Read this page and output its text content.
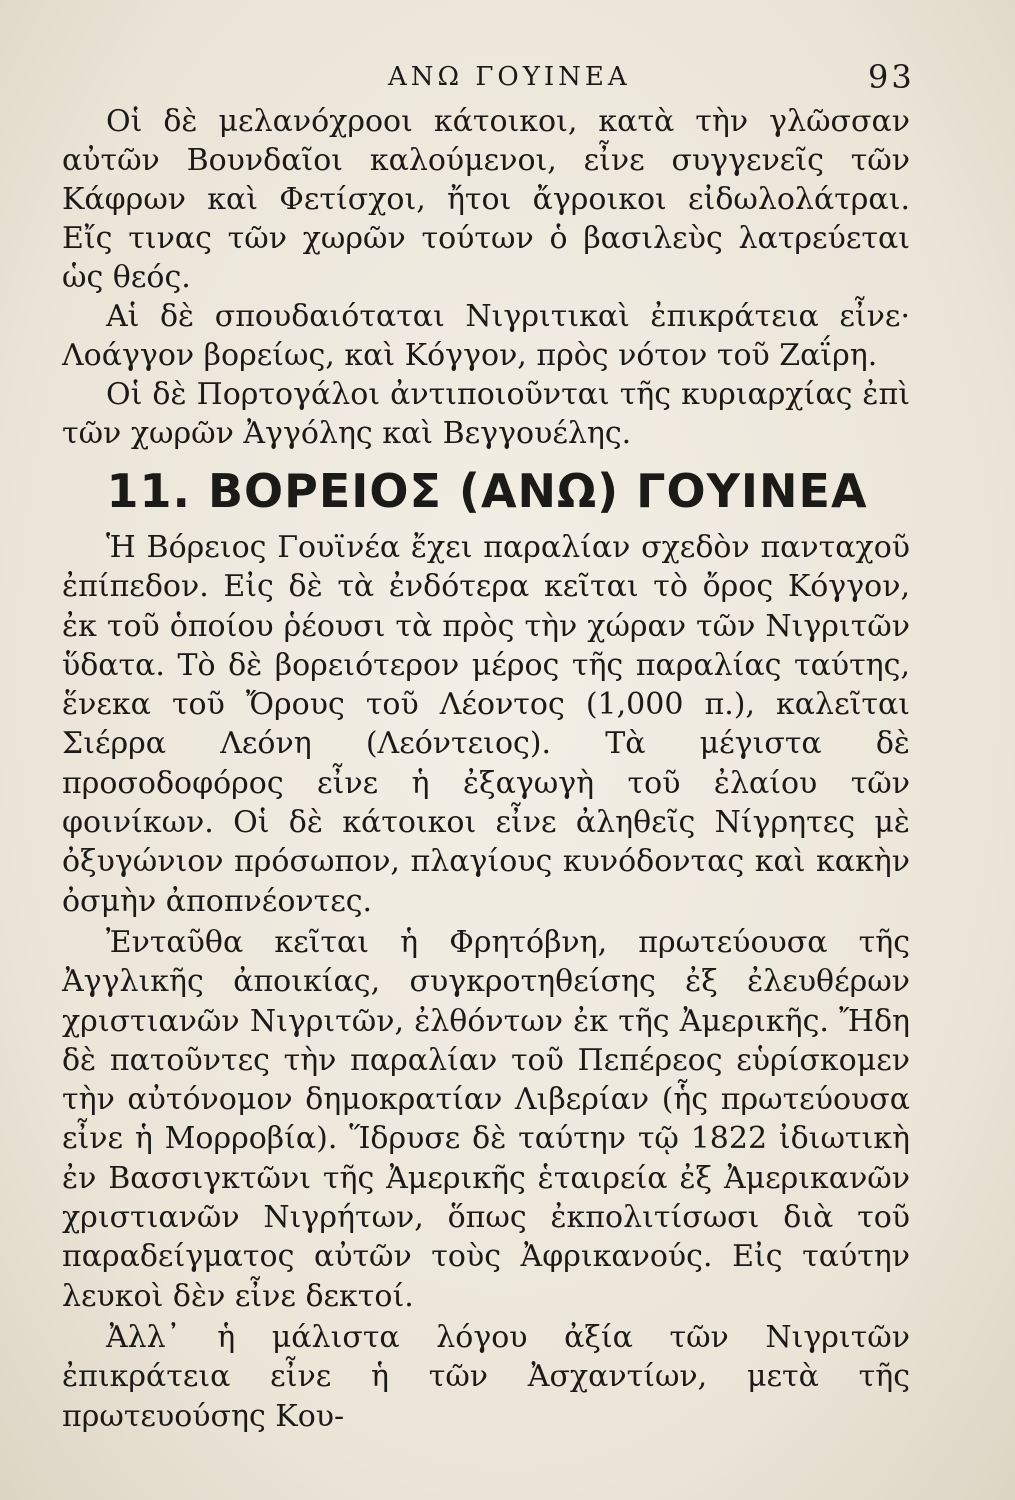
ΑΝΩ ΓΟΥΙΝΕΑ	93

Οἱ δὲ μελανόχροοι κάτοικοι, κατὰ τὴν γλῶσσαν αὐτῶν Βουνδαῖοι καλούμενοι, εἶνε συγγενεῖς τῶν Κάφρων καὶ Φετίσχοι, ἤτοι ἄγροικοι εἰδωλολάτραι. Εἴς τινας τῶν χωρῶν τούτων ὁ βασιλεὺς λατρεύεται ὡς θεός.

Αἱ δὲ σπουδαιόταται Νιγριτικαὶ ἐπικράτεια εἶνε· Λοάγγον βορείως, καὶ Κόγγον, πρὸς νότον τοῦ Ζαΐρη.

Οἱ δὲ Πορτογάλοι ἀντιποιοῦνται τῆς κυριαρχίας ἐπὶ τῶν χωρῶν Ἀγγόλης καὶ Βεγγουέλης.

11. ΒΟΡΕΙΟΣ (ΑΝΩ) ΓΟΥΙΝΕΑ

Ἡ Βόρειος Γουϊνέα ἔχει παραλίαν σχεδὸν πανταχοῦ ἐπίπεδον. Εἰς δὲ τὰ ἐνδότερα κεῖται τὸ ὄρος Κόγγον, ἐκ τοῦ ὁποίου ῥέουσι τὰ πρὸς τὴν χώραν τῶν Νιγριτῶν ὕδατα. Τὸ δὲ βορειότερον μέρος τῆς παραλίας ταύτης, ἕνεκα τοῦ Ὄρους τοῦ Λέοντος (1,000 π.), καλεῖται Σιέρρα Λεόνη (Λεόντειος). Τὰ μέγιστα δὲ προσοδοφόρος εἶνε ἡ ἐξαγωγὴ τοῦ ἐλαίου τῶν φοινίκων. Οἱ δὲ κάτοικοι εἶνε ἀληθεῖς Νίγρητες μὲ ὀξυγώνιον πρόσωπον, πλαγίους κυνόδοντας καὶ κακὴν ὀσμὴν ἀποπνέοντες.

Ἐνταῦθα κεῖται ἡ Φρητόβνη, πρωτεύουσα τῆς Ἀγγλικῆς ἀποικίας, συγκροτηθείσης ἐξ ἐλευθέρων χριστιανῶν Νιγριτῶν, ἐλθόντων ἐκ τῆς Ἀμερικῆς. Ἤδη δὲ πατοῦντες τὴν παραλίαν τοῦ Πεπέρεος εὑρίσκομεν τὴν αὐτόνομον δημοκρατίαν Λιβερίαν (ἧς πρωτεύουσα εἶνε ἡ Μορροβία). Ἵδρυσε δὲ ταύτην τῷ 1822 ἰδιωτικὴ ἐν Βασσιγκτῶνι τῆς Ἀμερικῆς ἑταιρεία ἐξ Ἀμερικανῶν χριστιανῶν Νιγρήτων, ὅπως ἐκπολιτίσωσι διὰ τοῦ παραδείγματος αὐτῶν τοὺς Ἀφρικανούς. Εἰς ταύτην λευκοὶ δὲν εἶνε δεκτοί.

Ἀλλ᾽ ἡ μάλιστα λόγου ἀξία τῶν Νιγριτῶν ἐπικράτεια εἶνε ἡ τῶν Ἀσχαντίων, μετὰ τῆς πρωτευούσης Κου-
